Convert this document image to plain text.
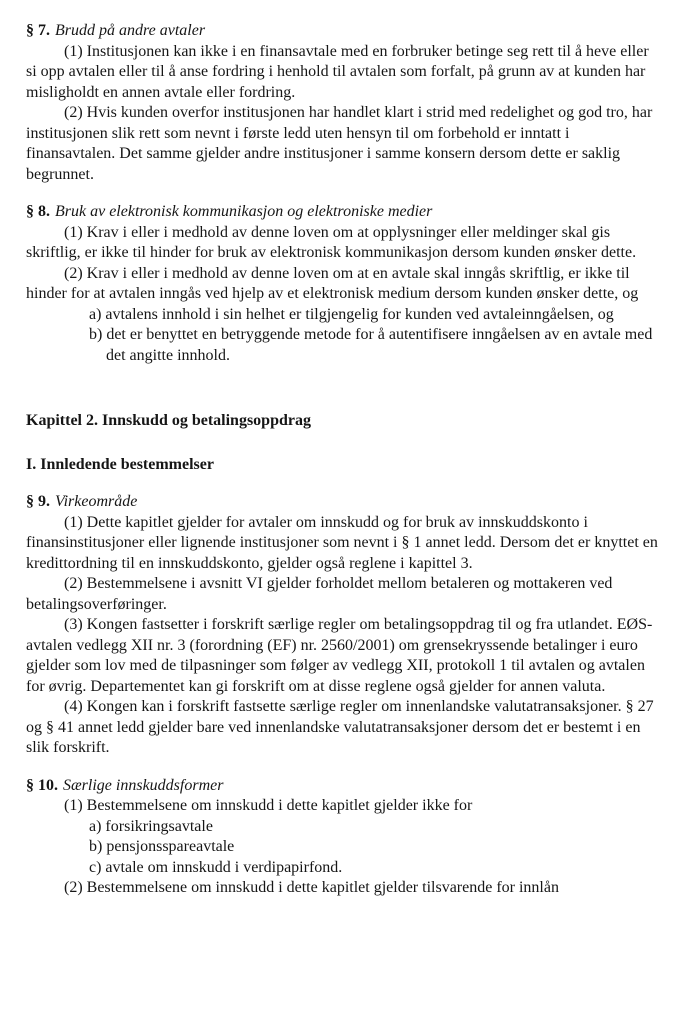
§ 7. Brudd på andre avtaler

(1) Institusjonen kan ikke i en finansavtale med en forbruker betinge seg rett til å heve eller si opp avtalen eller til å anse fordring i henhold til avtalen som forfalt, på grunn av at kunden har misligholdt en annen avtale eller fordring.

(2) Hvis kunden overfor institusjonen har handlet klart i strid med redelighet og god tro, har institusjonen slik rett som nevnt i første ledd uten hensyn til om forbehold er inntatt i finansavtalen. Det samme gjelder andre institusjoner i samme konsern dersom dette er saklig begrunnet.

§ 8. Bruk av elektronisk kommunikasjon og elektroniske medier

(1) Krav i eller i medhold av denne loven om at opplysninger eller meldinger skal gis skriftlig, er ikke til hinder for bruk av elektronisk kommunikasjon dersom kunden ønsker dette.

(2) Krav i eller i medhold av denne loven om at en avtale skal inngås skriftlig, er ikke til hinder for at avtalen inngås ved hjelp av et elektronisk medium dersom kunden ønsker dette, og

a) avtalens innhold i sin helhet er tilgjengelig for kunden ved avtaleinngåelsen, og

b) det er benyttet en betryggende metode for å autentifisere inngåelsen av en avtale med det angitte innhold.

Kapittel 2. Innskudd og betalingsoppdrag

I. Innledende bestemmelser

§ 9. Virkeområde

(1) Dette kapitlet gjelder for avtaler om innskudd og for bruk av innskuddskonto i finansinstitusjoner eller lignende institusjoner som nevnt i § 1 annet ledd. Dersom det er knyttet en kredittordning til en innskuddskonto, gjelder også reglene i kapittel 3.

(2) Bestemmelsene i avsnitt VI gjelder forholdet mellom betaleren og mottakeren ved betalingsoverføringer.

(3) Kongen fastsetter i forskrift særlige regler om betalingsoppdrag til og fra utlandet. EØS-avtalen vedlegg XII nr. 3 (forordning (EF) nr. 2560/2001) om grensekryssende betalinger i euro gjelder som lov med de tilpasninger som følger av vedlegg XII, protokoll 1 til avtalen og avtalen for øvrig. Departementet kan gi forskrift om at disse reglene også gjelder for annen valuta.

(4) Kongen kan i forskrift fastsette særlige regler om innenlandske valutatransaksjoner. § 27 og § 41 annet ledd gjelder bare ved innenlandske valutatransaksjoner dersom det er bestemt i en slik forskrift.

§ 10. Særlige innskuddsformer

(1) Bestemmelsene om innskudd i dette kapitlet gjelder ikke for

a) forsikringsavtale

b) pensjonsspareavtale

c) avtale om innskudd i verdipapirfond.

(2) Bestemmelsene om innskudd i dette kapitlet gjelder tilsvarende for innlån
